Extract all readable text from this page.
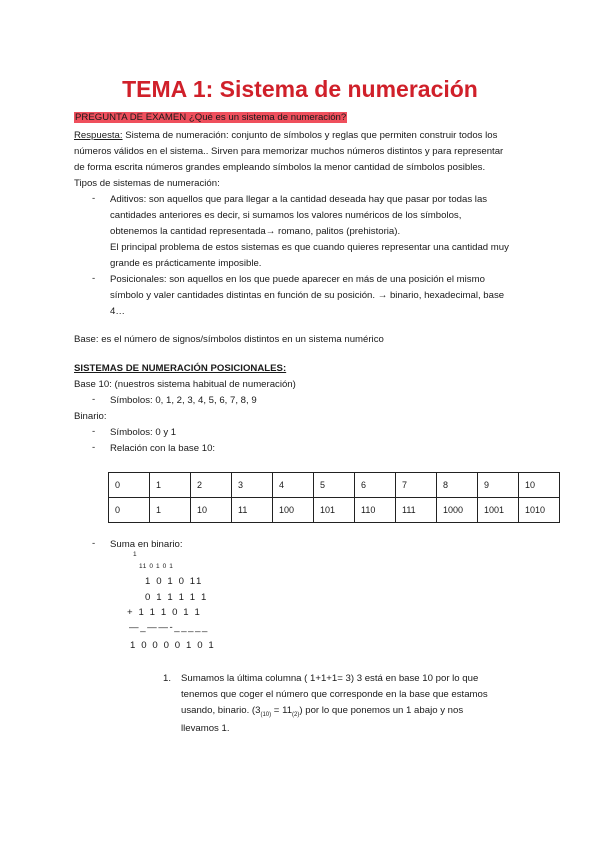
TEMA 1: Sistema de numeración
PREGUNTA DE EXAMEN ¿Qué es un sistema de numeración?
Respuesta: Sistema de numeración: conjunto de símbolos y reglas que permiten construir todos los
números válidos en el sistema.. Sirven para memorizar muchos números distintos y para representar
de forma escrita números grandes empleando símbolos la menor cantidad de símbolos posibles.
Tipos de sistemas de numeración:
- Aditivos: son aquellos que para llegar a la cantidad deseada hay que pasar por todas las
cantidades anteriores es decir, si sumamos los valores numéricos de los símbolos,
obtenemos la cantidad representada→ romano, palitos (prehistoria).
El principal problema de estos sistemas es que cuando quieres representar una cantidad muy
grande es prácticamente imposible.
- Posicionales: son aquellos en los que puede aparecer en más de una posición el mismo
símbolo y valer cantidades distintas en función de su posición. → binario, hexadecimal, base
4…
Base: es el número de signos/símbolos distintos en un sistema numérico
SISTEMAS DE NUMERACIÓN POSICIONALES:
Base 10: (nuestros sistema habitual de numeración)
- Símbolos: 0, 1, 2, 3, 4, 5, 6, 7, 8, 9
Binario:
- Símbolos: 0 y 1
- Relación con la base 10:
0	1	2	3	4	5	6	7	8	9	10
0	1	10	11	100	101	110	111	1000	1001	1010
- Suma en binario:
1
11 0 1 0 1
1 0 1 0 11
0 1 1 1 1 1
+ 1 1 1 0 1 1
—_——-_____
1 0 0 0 0 1 0 1
1. Sumamos la última columna ( 1+1+1= 3) 3 está en base 10 por lo que
tenemos que coger el número que corresponde en la base que estamos
usando, binario. $(3_{(10)} = 11_{(2)})$ por lo que ponemos un 1 abajo y nos
llevamos 1.
